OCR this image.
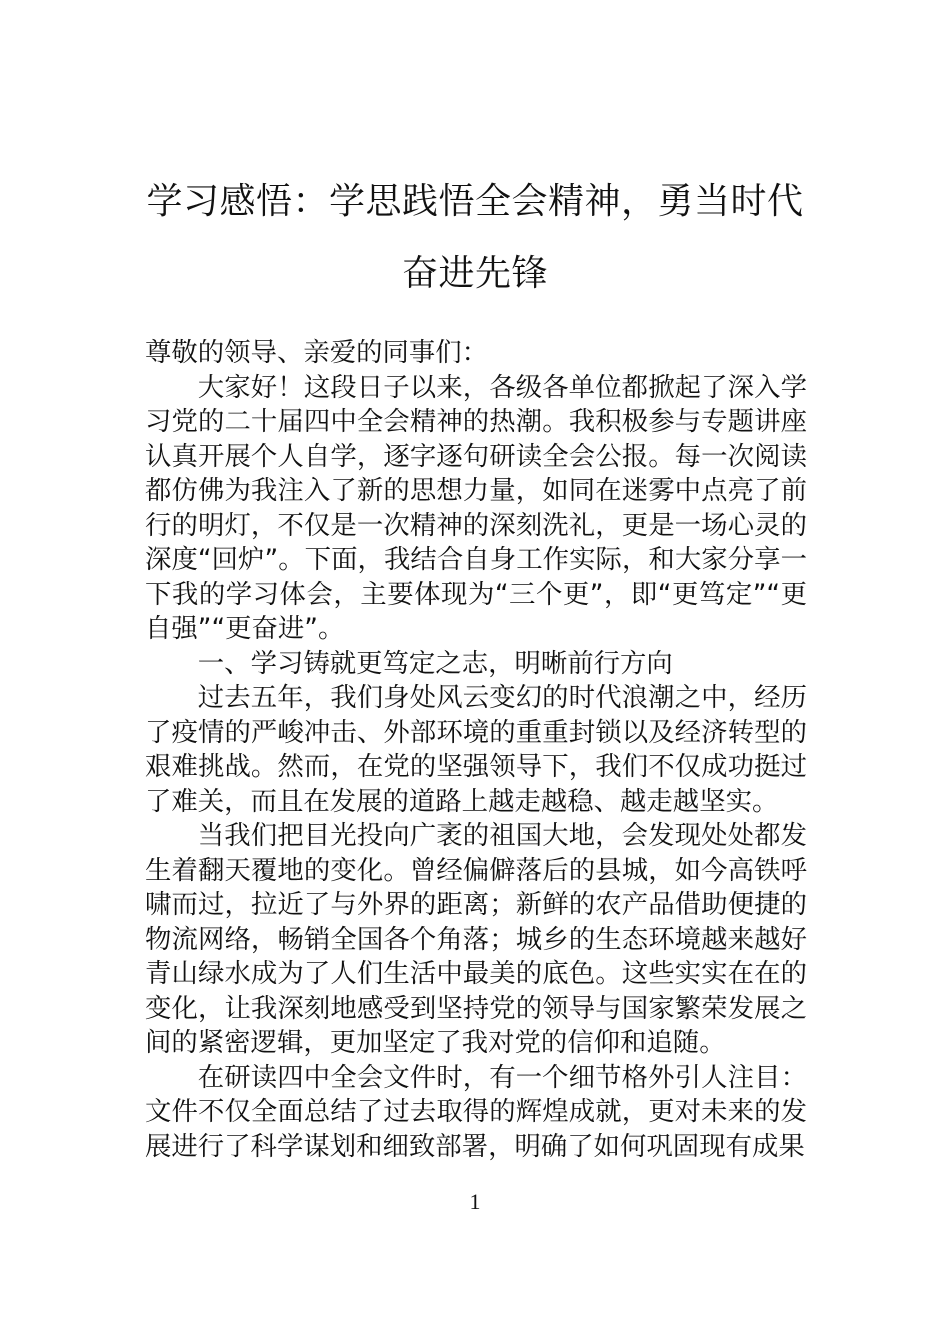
学习感悟：学思践悟全会精神，勇当时代奋进先锋

尊敬的领导、亲爱的同事们：

大家好！这段日子以来，各级各单位都掀起了深入学习党的二十届四中全会精神的热潮。我积极参与专题讲座认真开展个人自学，逐字逐句研读全会公报。每一次阅读都仿佛为我注入了新的思想力量，如同在迷雾中点亮了前行的明灯，不仅是一次精神的深刻洗礼，更是一场心灵的深度“回炉”。下面，我结合自身工作实际，和大家分享一下我的学习体会，主要体现为“三个更”，即“更笃定”“更自强”“更奋进”。

一、学习铸就更笃定之志，明晰前行方向

过去五年，我们身处风云变幻的时代浪潮之中，经历了疫情的严峻冲击、外部环境的重重封锁以及经济转型的艰难挑战。然而，在党的坚强领导下，我们不仅成功挺过了难关，而且在发展的道路上越走越稳、越走越坚实。

当我们把目光投向广袤的祖国大地，会发现处处都发生着翻天覆地的变化。曾经偏僻落后的县城，如今高铁呼啸而过，拉近了与外界的距离；新鲜的农产品借助便捷的物流网络，畅销全国各个角落；城乡的生态环境越来越好青山绿水成为了人们生活中最美的底色。这些实实在在的变化，让我深刻地感受到坚持党的领导与国家繁荣发展之间的紧密逻辑，更加坚定了我对党的信仰和追随。

在研读四中全会文件时，有一个细节格外引人注目：文件不仅全面总结了过去取得的辉煌成就，更对未来的发展进行了科学谋划和细致部署，明确了如何巩固现有成果

1
